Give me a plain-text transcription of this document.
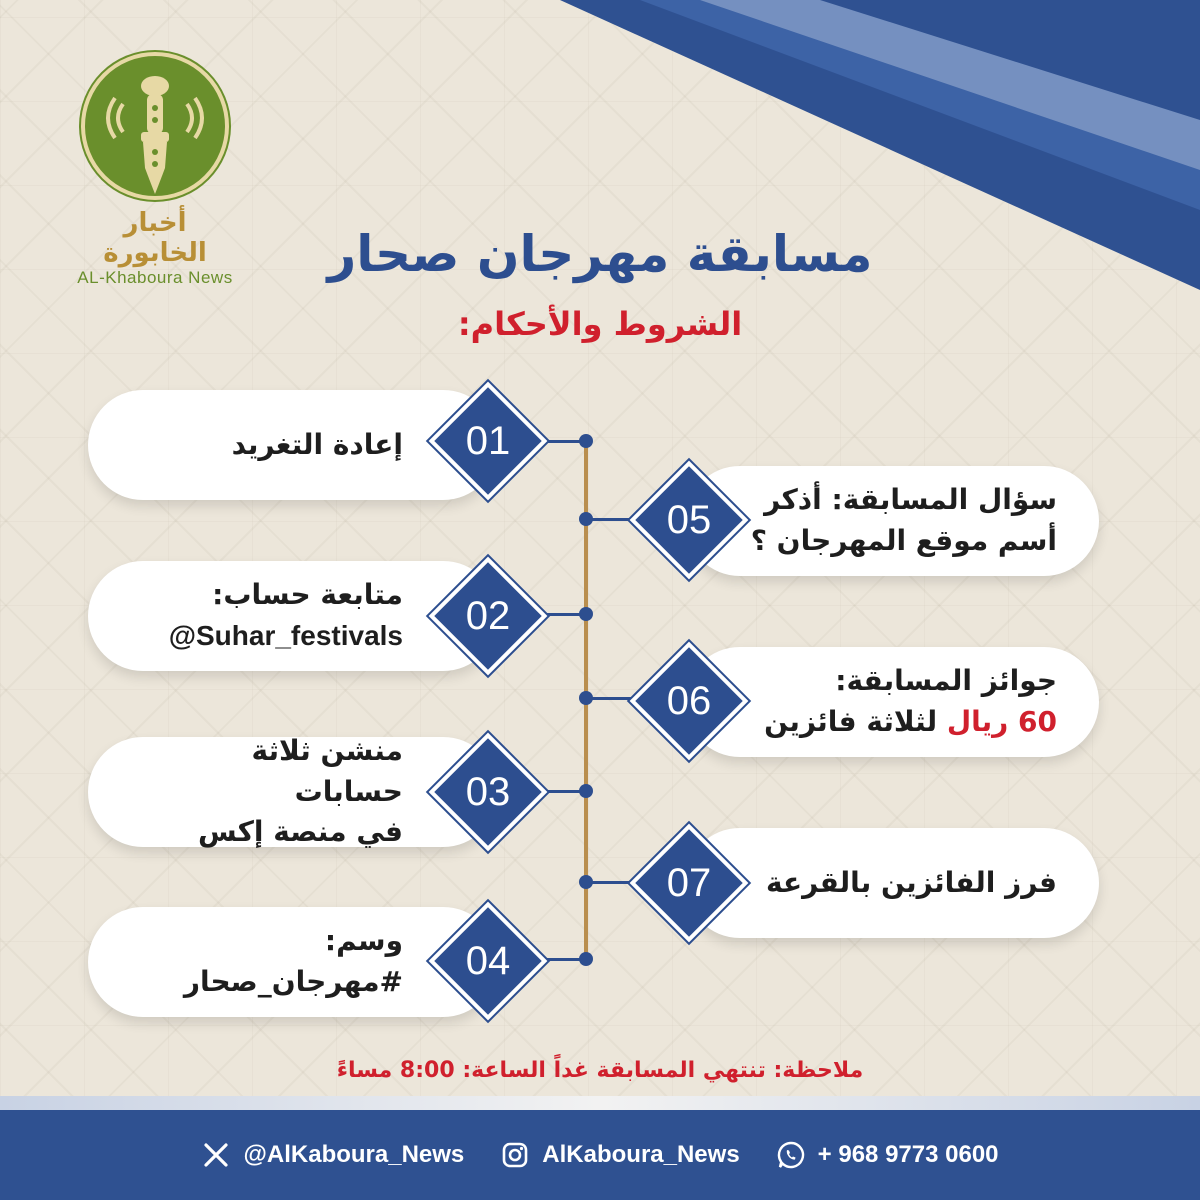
أخبار الخابورة
AL-Khaboura News	مسابقة مهرجان صحار
الشروط والأحكام:
إعادة التغريد	01
سؤال المسابقة: أذكر
أسم موقع المهرجان ؟
05
متابعة حساب:
@Suhar_festivals	02
جوائز المسابقة:
60 ريال لثلاثة فائزين
06
منشن ثلاثة حسابات
في منصة إكس
03
فرز الفائزين بالقرعة
07
وسم: #مهرجان_صحار	04
ملاحظة: تنتهي المسابقة غداً الساعة: 8:00 مساءً
@AlKaboura_News	AlKaboura_News	+ 968 9773 0600
